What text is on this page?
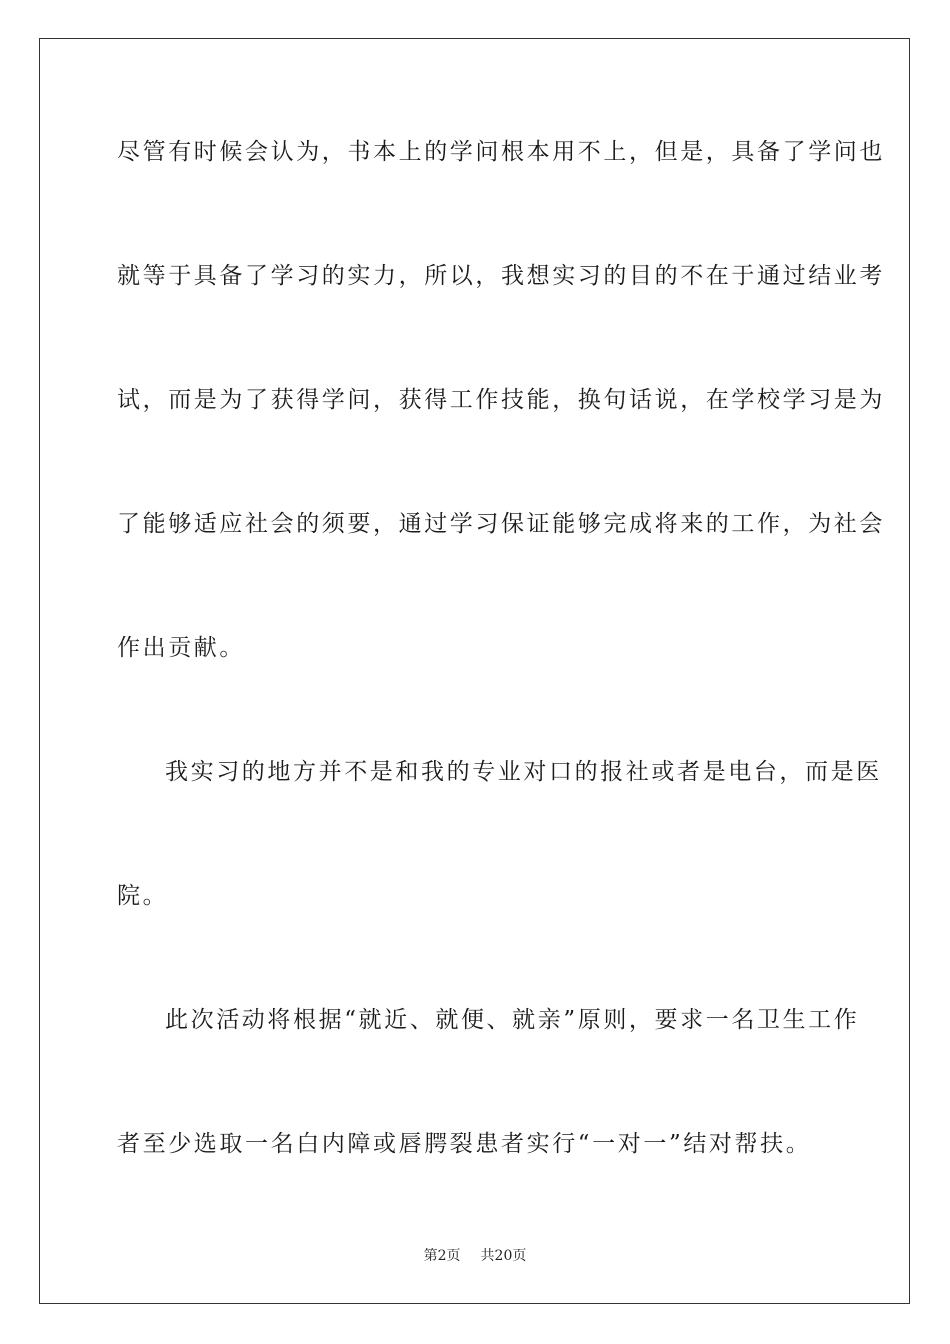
尽管有时候会认为，书本上的学问根本用不上，但是，具备了学问也
就等于具备了学习的实力，所以，我想实习的目的不在于通过结业考
试，而是为了获得学问，获得工作技能，换句话说，在学校学习是为
了能够适应社会的须要，通过学习保证能够完成将来的工作，为社会
作出贡献。
我实习的地方并不是和我的专业对口的报社或者是电台，而是医
院。
此次活动将根据“就近、就便、就亲”原则，要求一名卫生工作
者至少选取一名白内障或唇腭裂患者实行“一对一”结对帮扶。
第2页 共20页
